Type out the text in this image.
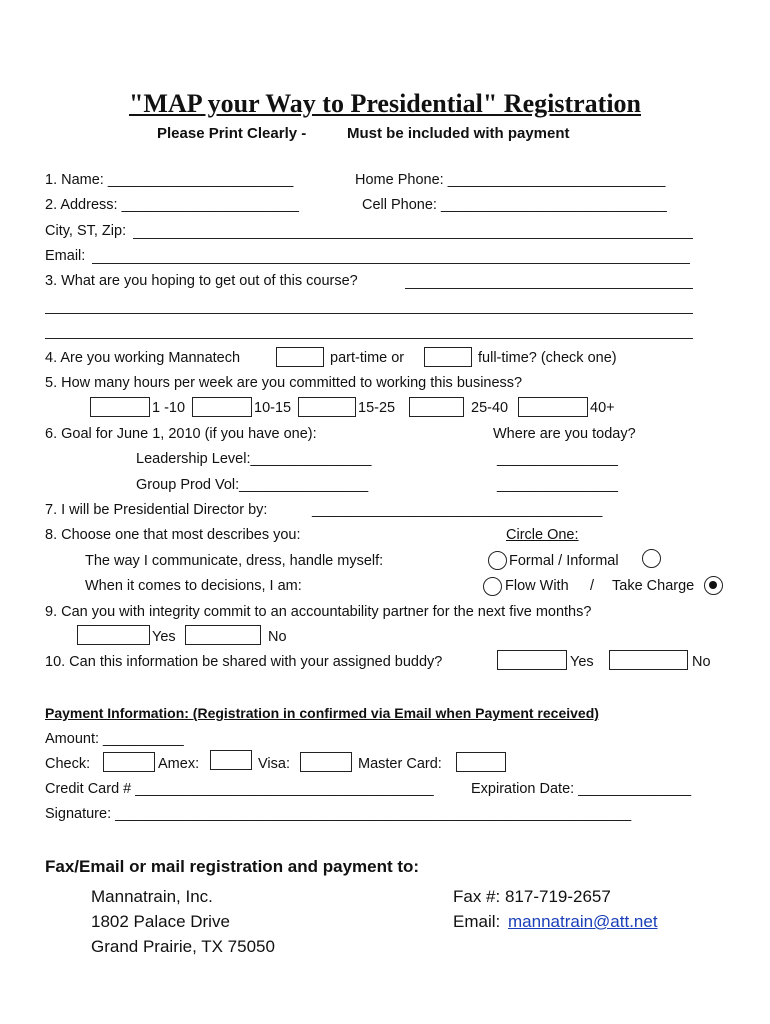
"MAP your Way to Presidential" Registration
Please Print Clearly -	Must be included with payment
1. Name: _______________________	Home Phone: ___________________________
2. Address: ______________________	Cell Phone: ____________________________
City, ST, Zip:
Email:
3. What are you hoping to get out of this course?
4. Are you working Mannatech	part-time or	full-time? (check one)
5. How many hours per week are you committed to working this business?
1 -10	10-15	15-25	25-40	40+
6. Goal for June 1, 2010 (if you have one):	Where are you today?
Leadership Level:_______________	_______________
Group Prod Vol:________________	_______________
7. I will be Presidential Director by:	____________________________________
8. Choose one that most describes you:	Circle One:
The way I communicate, dress, handle myself:	Formal / Informal
When it comes to decisions, I am:	Flow With / Take Charge
9. Can you with integrity commit to an accountability partner for the next five months?
Yes	No
10. Can this information be shared with your assigned buddy?	Yes	No
Payment Information: (Registration in confirmed via Email when Payment received)
Amount: __________
Check:	Amex:	Visa:	Master Card:
Credit Card # _____________________________________	Expiration Date: ______________
Signature: ________________________________________________________________
Fax/Email or mail registration and payment to:
Mannatrain, Inc.
1802 Palace Drive
Grand Prairie, TX 75050
Fax #: 817-719-2657
Email: mannatrain@att.net
